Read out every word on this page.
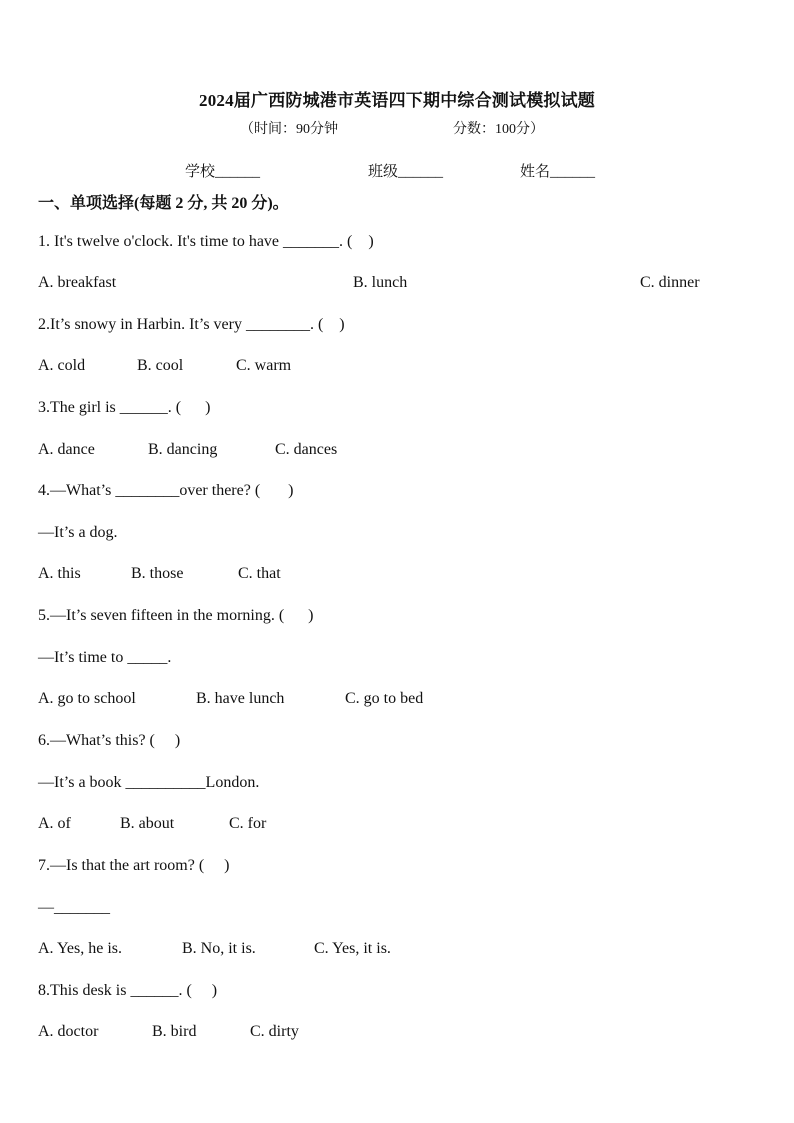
2024届广西防城港市英语四下期中综合测试模拟试题
（时间：90分钟	分数：100分）
学校______	班级______	姓名______
一、单项选择(每题 2 分, 共 20 分)。
1. It's twelve o'clock. It's time to have _______. (    )
A. breakfast	B. lunch	C. dinner
2.It’s snowy in Harbin. It’s very ________. (    )
A. cold	B. cool	C. warm
3.The girl is ______. (      )
A. dance	B. dancing	C. dances
4.—What’s ________over there? (       )
—It’s a dog.
A. this	B. those	C. that
5.—It’s seven fifteen in the morning. (      )
—It’s time to _____.
A. go to school	B. have lunch	C. go to bed
6.—What’s this? (     )
—It’s a book __________London.
A. of	B. about	C. for
7.—Is that the art room? (     )
—_______
A. Yes, he is.	B. No, it is.	C. Yes, it is.
8.This desk is ______. (     )
A. doctor	B. bird	C. dirty
